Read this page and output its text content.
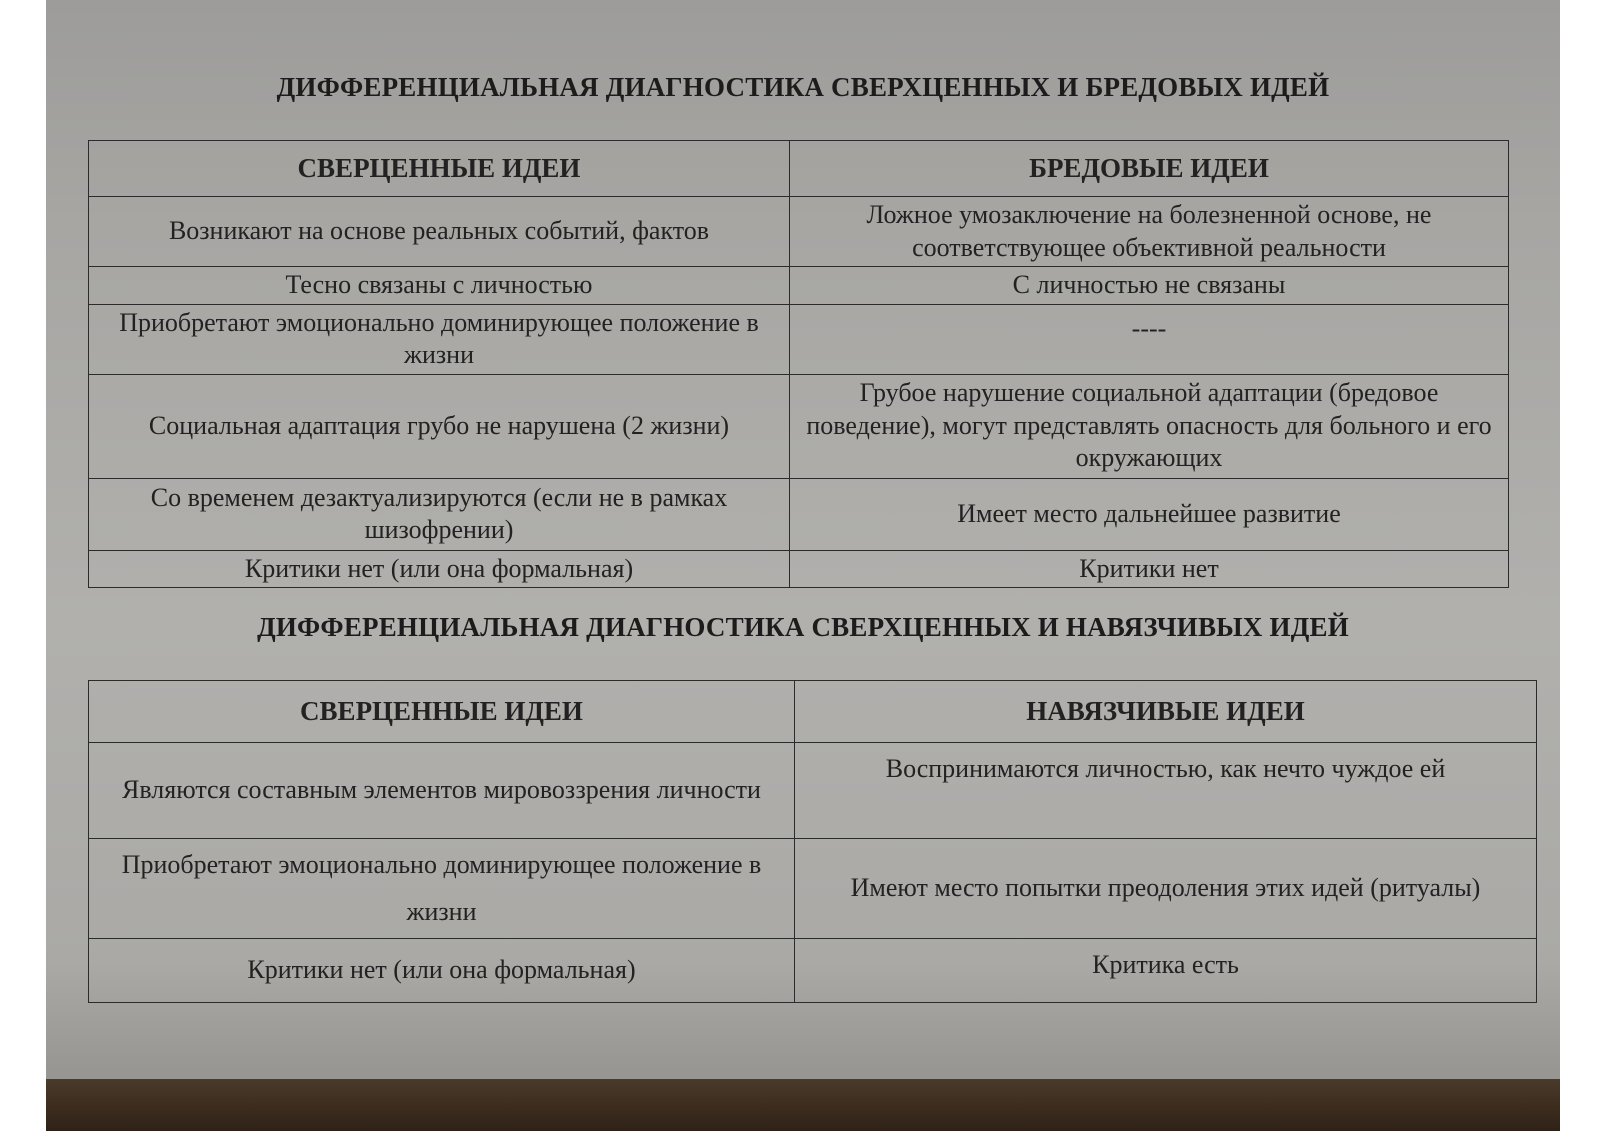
ДИФФЕРЕНЦИАЛЬНАЯ ДИАГНОСТИКА СВЕРХЦЕННЫХ И БРЕДОВЫХ ИДЕЙ
СВЕРЦЕННЫЕ ИДЕИ	БРЕДОВЫЕ ИДЕИ
Возникают на основе реальных событий, фактов	Ложное умозаключение на болезненной основе, не соответствующее объективной реальности
Тесно связаны с личностью	С личностью не связаны
Приобретают эмоционально доминирующее положение в жизни	----
Социальная адаптация грубо не нарушена (2 жизни)	Грубое нарушение социальной адаптации (бредовое поведение), могут представлять опасность для больного и его окружающих
Со временем дезактуализируются (если не в рамках шизофрении)	Имеет место дальнейшее развитие
Критики нет (или она формальная)	Критики нет
ДИФФЕРЕНЦИАЛЬНАЯ ДИАГНОСТИКА СВЕРХЦЕННЫХ И НАВЯЗЧИВЫХ ИДЕЙ
СВЕРЦЕННЫЕ ИДЕИ	НАВЯЗЧИВЫЕ ИДЕИ
Являются составным элементов мировоззрения личности	Воспринимаются личностью, как нечто чуждое ей
Приобретают эмоционально доминирующее положение в жизни	Имеют место попытки преодоления этих идей (ритуалы)
Критики нет (или она формальная)	Критика есть
